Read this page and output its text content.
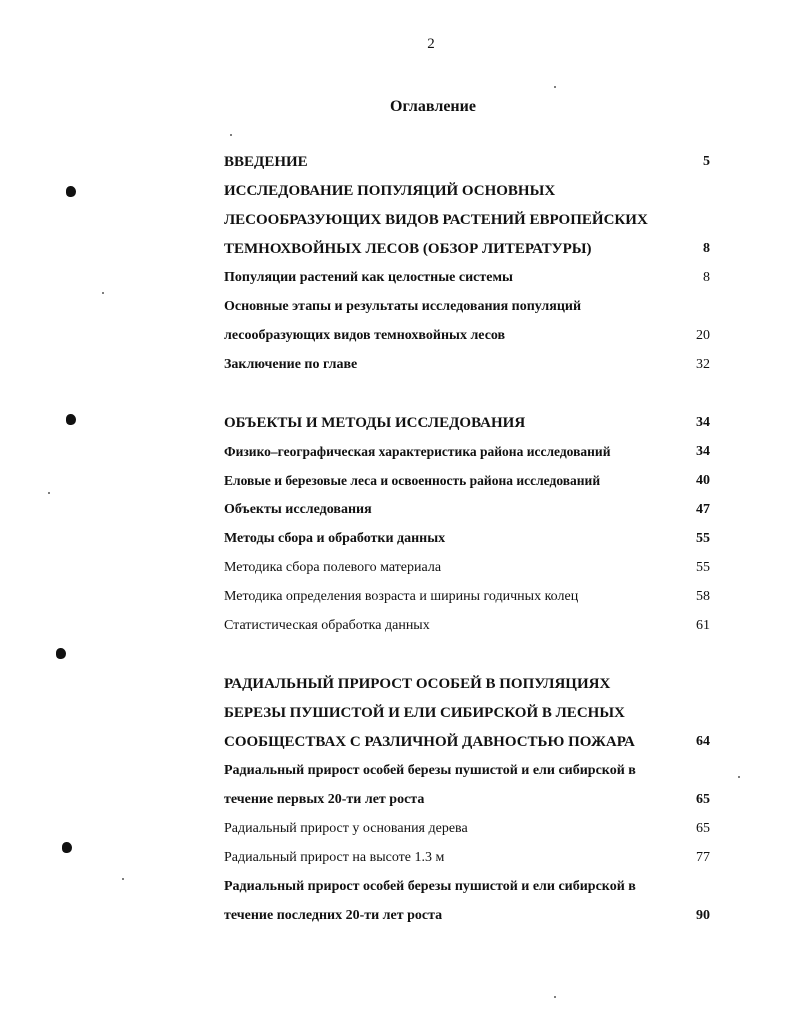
2
Оглавление
ВВЕДЕНИЕ	5
ИССЛЕДОВАНИЕ ПОПУЛЯЦИЙ ОСНОВНЫХ
ЛЕСООБРАЗУЮЩИХ ВИДОВ РАСТЕНИЙ ЕВРОПЕЙСКИХ
ТЕМНОХВОЙНЫХ ЛЕСОВ (ОБЗОР ЛИТЕРАТУРЫ)	8
Популяции растений как целостные системы	8
Основные этапы и результаты исследования популяций
лесообразующих видов темнохвойных лесов	20
Заключение по главе	32
ОБЪЕКТЫ И МЕТОДЫ ИССЛЕДОВАНИЯ	34
Физико–географическая характеристика района исследований	34
Еловые и березовые леса и освоенность района исследований	40
Объекты исследования	47
Методы сбора и обработки данных	55
Методика сбора полевого материала	55
Методика определения возраста и ширины годичных колец	58
Статистическая обработка данных	61
РАДИАЛЬНЫЙ ПРИРОСТ ОСОБЕЙ В ПОПУЛЯЦИЯХ
БЕРЕЗЫ ПУШИСТОЙ И ЕЛИ СИБИРСКОЙ В ЛЕСНЫХ
СООБЩЕСТВАХ С РАЗЛИЧНОЙ ДАВНОСТЬЮ ПОЖАРА	64
Радиальный прирост особей березы пушистой и ели сибирской в
течение первых 20-ти лет роста	65
Радиальный прирост у основания дерева	65
Радиальный прирост на высоте 1.3 м	77
Радиальный прирост особей березы пушистой и ели сибирской в
течение последних 20-ти лет роста	90
